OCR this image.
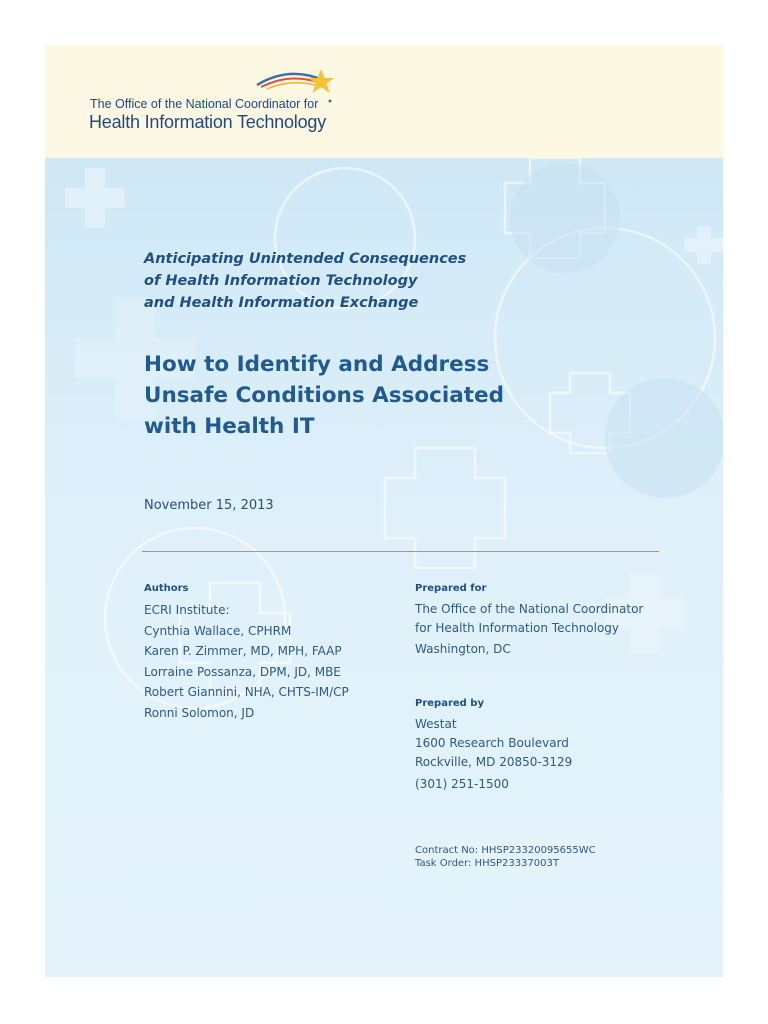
The Office of the National Coordinator for
Health Information Technology
Anticipating Unintended Consequences
of Health Information Technology
and Health Information Exchange
How to Identify and Address
Unsafe Conditions Associated
with Health IT
November 15, 2013
Authors
ECRI Institute:
Cynthia Wallace, CPHRM
Karen P. Zimmer, MD, MPH, FAAP
Lorraine Possanza, DPM, JD, MBE
Robert Giannini, NHA, CHTS-IM/CP
Ronni Solomon, JD
Prepared for
The Office of the National Coordinator
for Health Information Technology
Washington, DC
Prepared by
Westat
1600 Research Boulevard
Rockville, MD 20850-3129
(301) 251-1500
Contract No: HHSP23320095655WC
Task Order: HHSP23337003T
